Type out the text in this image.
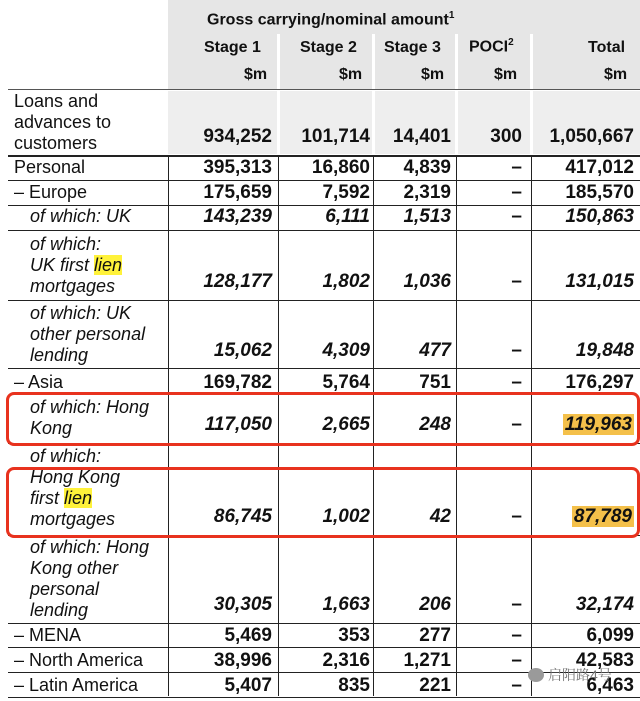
Gross carrying/nominal amount$^1$
Stage 1 Stage 2 Stage 3 POCI$^2$	Total
$m	$m	$m	$m	$m
Loans and
advances to
customers	934,252	101,714	14,401	300	1,050,667
Personal	395,313	16,860	4,839	–	417,012
– Europe	175,659	7,592	2,319	–	185,570
of which: UK	143,239	6,111	1,513	–	150,863
of which:
UK first lien
mortgages	128,177	1,802	1,036	–	131,015
of which: UK
other personal
lending	15,062	4,309	477	–	19,848
– Asia	169,782	5,764	751	–	176,297
of which: Hong
Kong	117,050	2,665	248	–	119,963
of which:
Hong Kong
first lien
mortgages	86,745	1,002	42	–	87,789
of which: Hong
Kong other
personal
lending	30,305	1,663	206	–	32,174
– MENA	5,469	353	277	–	6,099
– North America	38,996	2,316	1,271	–	42,583
– Latin America	5,407	835	221	–	6,463
启阳路4号
